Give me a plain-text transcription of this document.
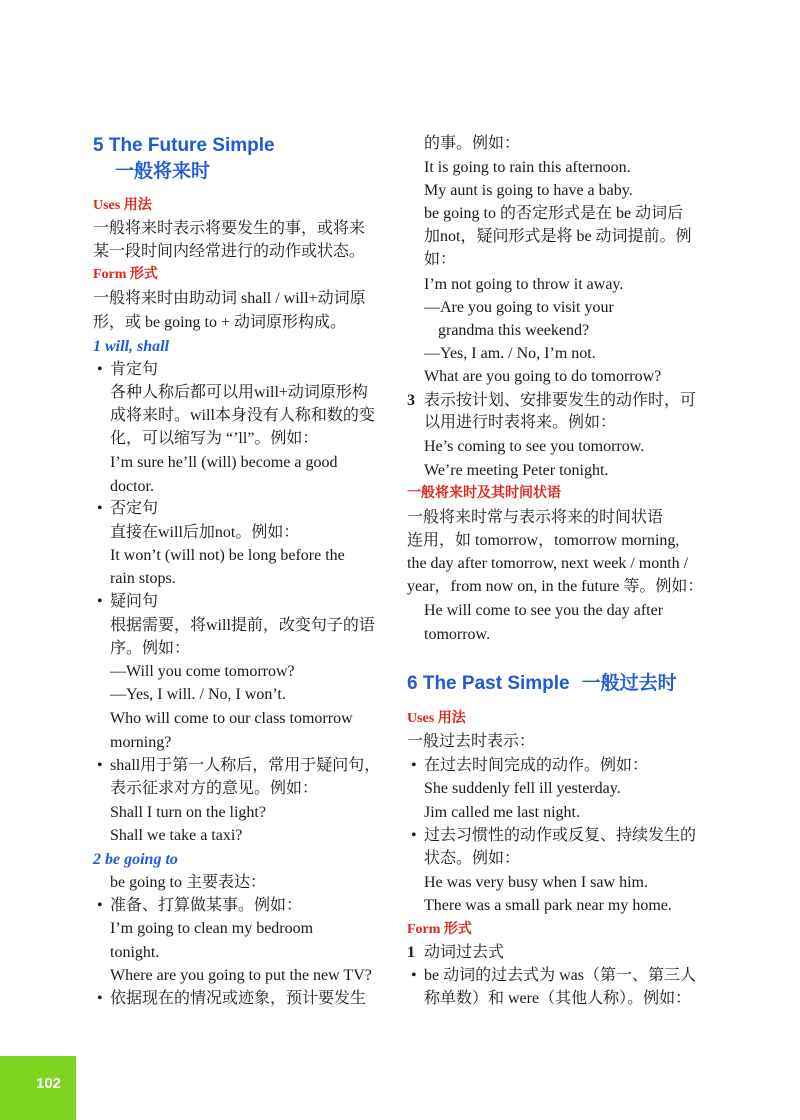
5 The Future Simple
一般将来时
Uses 用法
一般将来时表示将要发生的事，或将来
某一段时间内经常进行的动作或状态。
Form 形式
一般将来时由助动词 shall / will+动词原
形，或 be going to + 动词原形构成。
1 will, shall
• 肯定句
各种人称后都可以用will+动词原形构
成将来时。will本身没有人称和数的变
化，可以缩写为 “’ll”。例如：
I’m sure he’ll (will) become a good
doctor.
• 否定句
直接在will后加not。例如：
It won’t (will not) be long before the
rain stops.
• 疑问句
根据需要，将will提前，改变句子的语
序。例如：
—Will you come tomorrow?
—Yes, I will. / No, I won’t.
Who will come to our class tomorrow
morning?
• shall用于第一人称后，常用于疑问句，
表示征求对方的意见。例如：
Shall I turn on the light?
Shall we take a taxi?
2 be going to
be going to 主要表达：
• 准备、打算做某事。例如：
I’m going to clean my bedroom
tonight.
Where are you going to put the new TV?
• 依据现在的情况或迹象，预计要发生
的事。例如：
It is going to rain this afternoon.
My aunt is going to have a baby.
be going to 的否定形式是在 be 动词后
加not，疑问形式是将 be 动词提前。例
如：
I’m not going to throw it away.
—Are you going to visit your
grandma this weekend?
—Yes, I am. / No, I’m not.
What are you going to do tomorrow?
3 表示按计划、安排要发生的动作时，可
以用进行时表将来。例如：
He’s coming to see you tomorrow.
We’re meeting Peter tonight.
一般将来时及其时间状语
一般将来时常与表示将来的时间状语
连用，如 tomorrow，tomorrow morning,
the day after tomorrow, next week / month /
year，from now on, in the future 等。例如：
He will come to see you the day after
tomorrow.
6 The Past Simple 一般过去时
Uses 用法
一般过去时表示：
• 在过去时间完成的动作。例如：
She suddenly fell ill yesterday.
Jim called me last night.
• 过去习惯性的动作或反复、持续发生的
状态。例如：
He was very busy when I saw him.
There was a small park near my home.
Form 形式
1 动词过去式
• be 动词的过去式为 was（第一、第三人
称单数）和 were（其他人称）。例如：
102
